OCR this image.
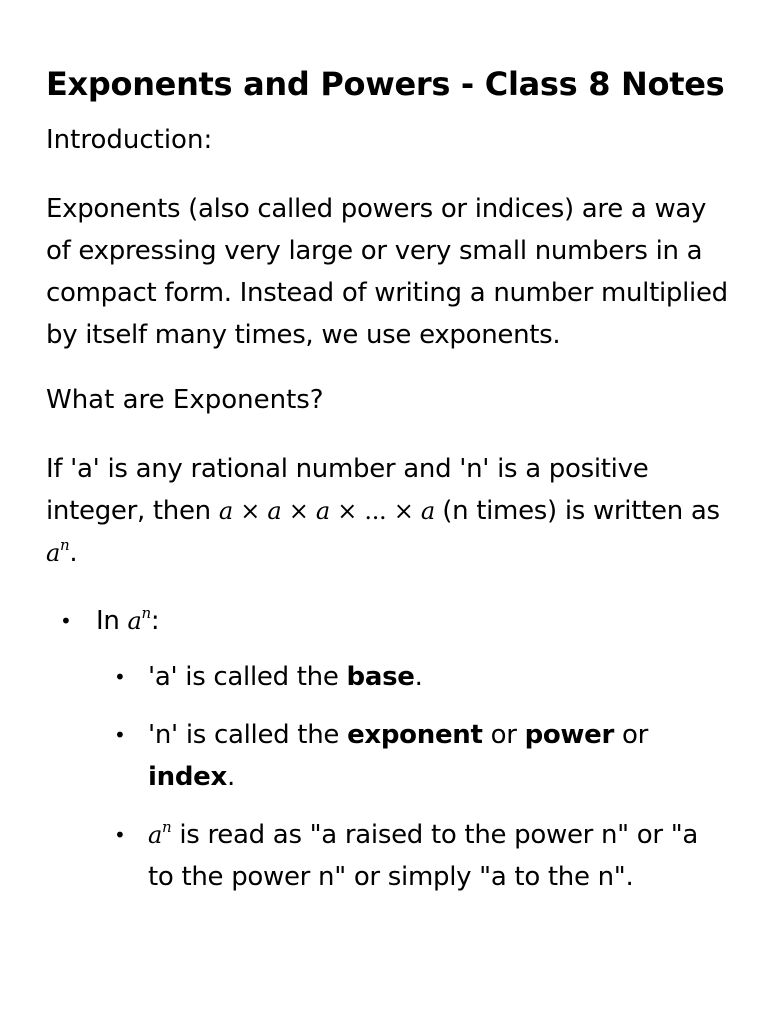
Exponents and Powers - Class 8 Notes
Introduction:

Exponents (also called powers or indices) are a way of expressing very large or very small numbers in a compact form. Instead of writing a number multiplied by itself many times, we use exponents.

What are Exponents?

If 'a' is any rational number and 'n' is a positive integer, then a × a × a × ... × a (n times) is written as $a^n$.

• In $a^n$:
• 'a' is called the base.
• 'n' is called the exponent or power or index.
• $a^n$ is read as "a raised to the power n" or "a to the power n" or simply "a to the n".
